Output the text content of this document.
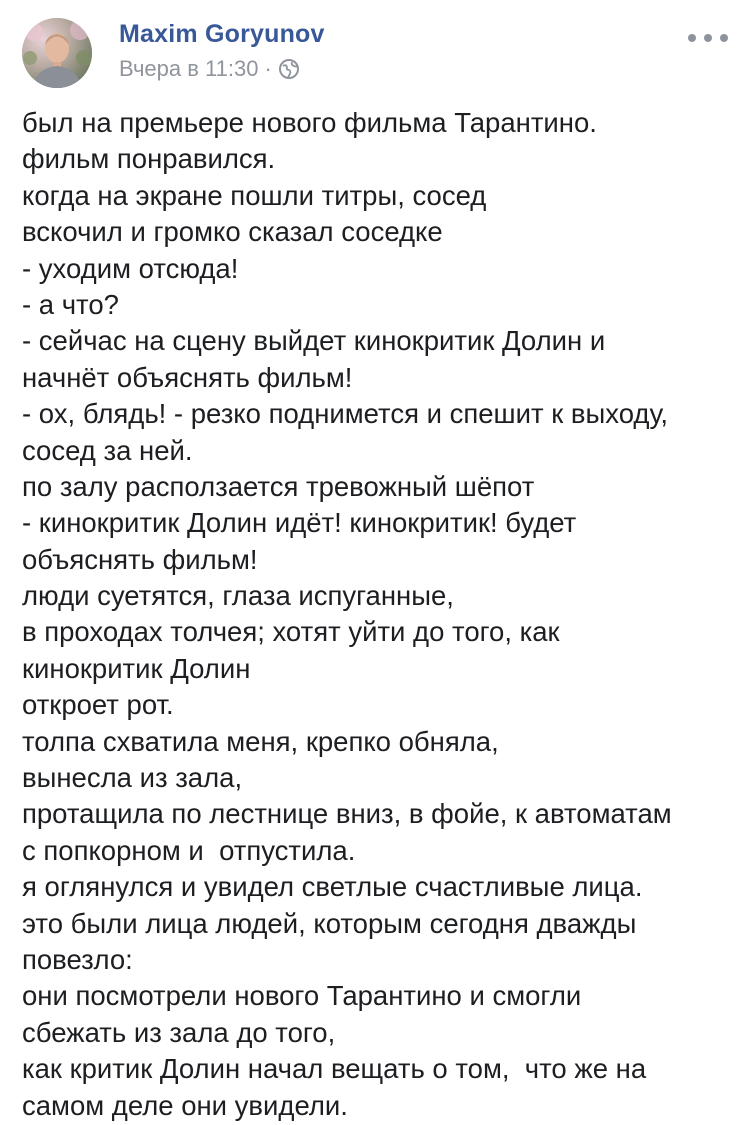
Maxim Goryunov
Вчера в 11:30 ·
был на премьере нового фильма Тарантино.
фильм понравился.
когда на экране пошли титры, сосед
вскочил и громко сказал соседке
- уходим отсюда!
- а что?
- сейчас на сцену выйдет кинокритик Долин и
начнёт объяснять фильм!
- ох, блядь! - резко поднимется и спешит к выходу,
сосед за ней.
по залу расползается тревожный шёпот
- кинокритик Долин идёт! кинокритик! будет
объяснять фильм!
люди суетятся, глаза испуганные,
в проходах толчея; хотят уйти до того, как
кинокритик Долин
откроет рот.
толпа схватила меня, крепко обняла,
вынесла из зала,
протащила по лестнице вниз, в фойе, к автоматам
с попкорном и  отпустила.
я оглянулся и увидел светлые счастливые лица.
это были лица людей, которым сегодня дважды
повезло:
они посмотрели нового Тарантино и смогли
сбежать из зала до того,
как критик Долин начал вещать о том,  что же на
самом деле они увидели.
